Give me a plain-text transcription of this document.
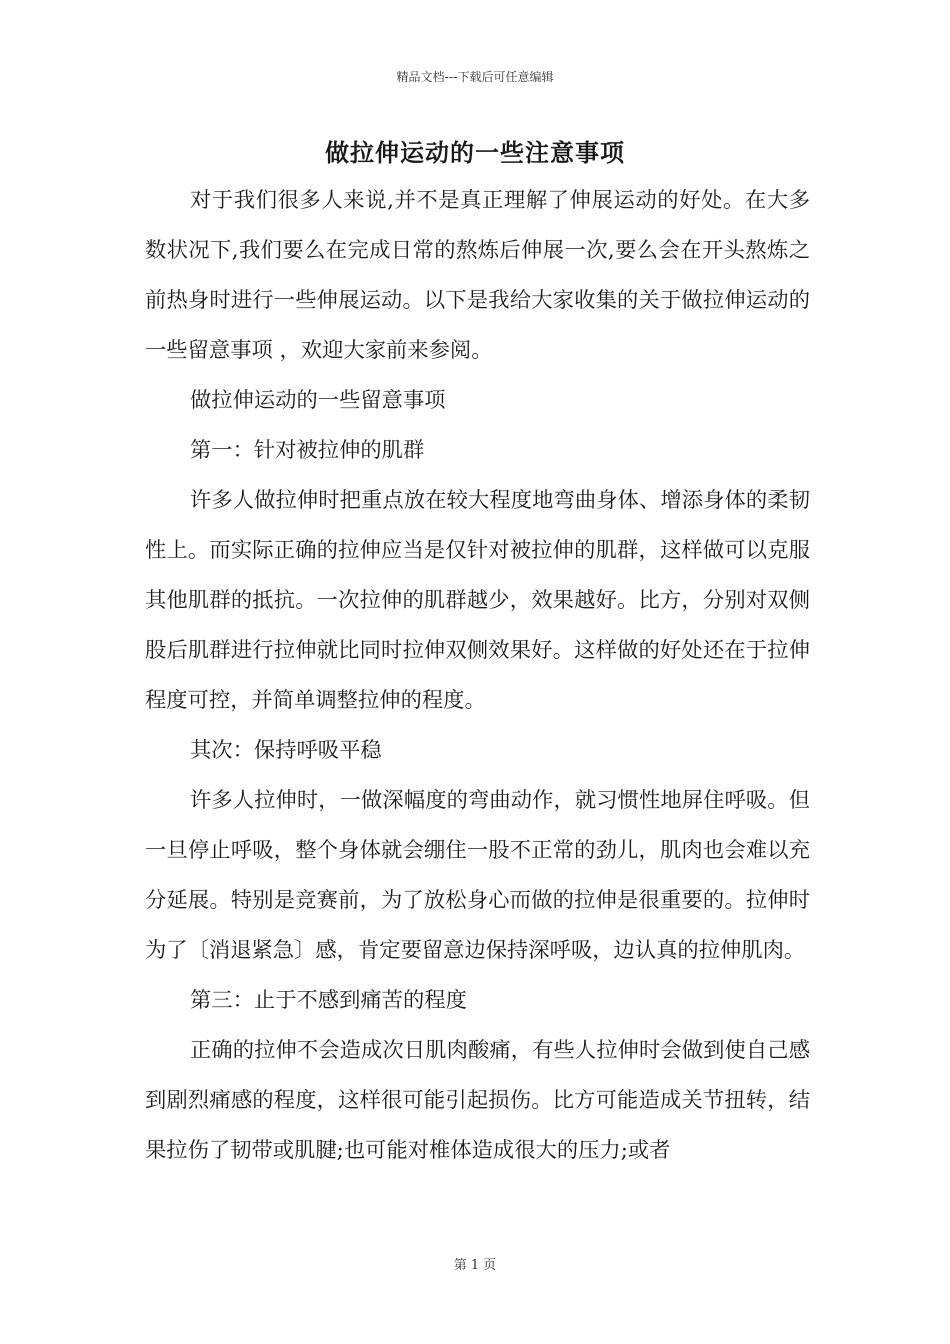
精品文档---下载后可任意编辑
做拉伸运动的一些注意事项

对于我们很多人来说,并不是真正理解了伸展运动的好处。在大多数状况下,我们要么在完成日常的熬炼后伸展一次,要么会在开头熬炼之前热身时进行一些伸展运动。以下是我给大家收集的关于做拉伸运动的一些留意事项 ，欢迎大家前来参阅。

做拉伸运动的一些留意事项

第一：针对被拉伸的肌群

许多人做拉伸时把重点放在较大程度地弯曲身体、增添身体的柔韧性上。而实际正确的拉伸应当是仅针对被拉伸的肌群，这样做可以克服其他肌群的抵抗。一次拉伸的肌群越少，效果越好。比方，分别对双侧股后肌群进行拉伸就比同时拉伸双侧效果好。这样做的好处还在于拉伸程度可控，并简单调整拉伸的程度。

其次：保持呼吸平稳

许多人拉伸时，一做深幅度的弯曲动作，就习惯性地屏住呼吸。但一旦停止呼吸，整个身体就会绷住一股不正常的劲儿，肌肉也会难以充分延展。特别是竞赛前，为了放松身心而做的拉伸是很重要的。拉伸时为了〔消退紧急〕感，肯定要留意边保持深呼吸，边认真的拉伸肌肉。

第三：止于不感到痛苦的程度

正确的拉伸不会造成次日肌肉酸痛，有些人拉伸时会做到使自己感到剧烈痛感的程度，这样很可能引起损伤。比方可能造成关节扭转，结果拉伤了韧带或肌腱;也可能对椎体造成很大的压力;或者

第 1 页
